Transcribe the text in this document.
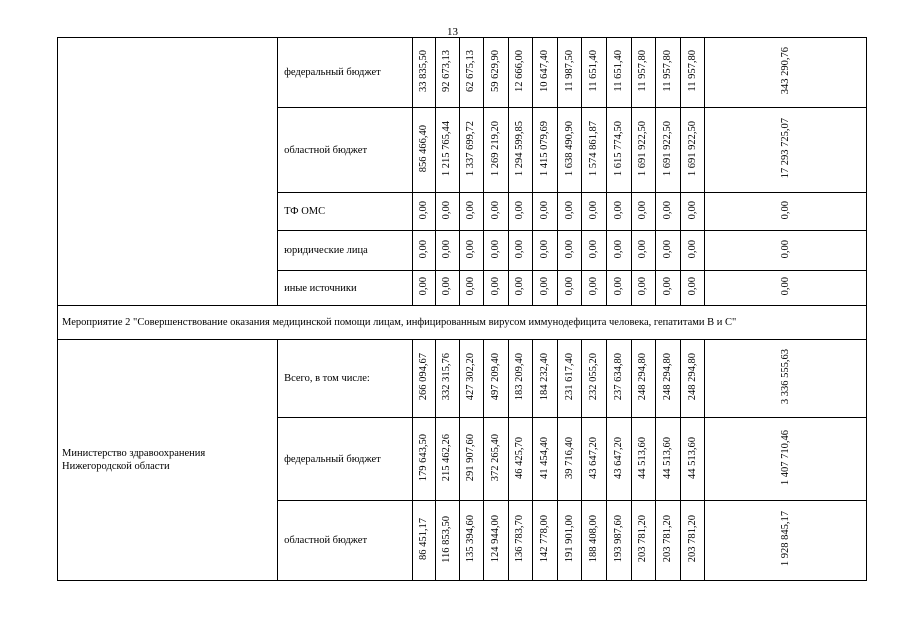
13
	федеральный бюджет	33 835,50	92 673,13	62 675,13	59 629,90	12 666,00	10 647,40	11 987,50	11 651,40	11 651,40	11 957,80	11 957,80	11 957,80	343 290,76
	областной бюджет	856 466,40	1 215 765,44	1 337 699,72	1 269 219,20	1 294 599,85	1 415 079,69	1 638 490,90	1 574 861,87	1 615 774,50	1 691 922,50	1 691 922,50	1 691 922,50	17 293 725,07
	ТФ ОМС	0,00	0,00	0,00	0,00	0,00	0,00	0,00	0,00	0,00	0,00	0,00	0,00	0,00
	юридические лица	0,00	0,00	0,00	0,00	0,00	0,00	0,00	0,00	0,00	0,00	0,00	0,00	0,00
	иные источники	0,00	0,00	0,00	0,00	0,00	0,00	0,00	0,00	0,00	0,00	0,00	0,00	0,00

Мероприятие 2 "Совершенствование оказания медицинской помощи лицам, инфицированным вирусом иммунодефицита человека, гепатитами В и С"														

Министерство здравоохранения Нижегородской области	Всего, в том числе:	266 094,67	332 315,76	427 302,20	497 209,40	183 209,40	184 232,40	231 617,40	232 055,20	237 634,80	248 294,80	248 294,80	248 294,80	3 336 555,63
	федеральный бюджет	179 643,50	215 462,26	291 907,60	372 265,40	46 425,70	41 454,40	39 716,40	43 647,20	43 647,20	44 513,60	44 513,60	44 513,60	1 407 710,46
	областной бюджет	86 451,17	116 853,50	135 394,60	124 944,00	136 783,70	142 778,00	191 901,00	188 408,00	193 987,60	203 781,20	203 781,20	203 781,20	1 928 845,17
